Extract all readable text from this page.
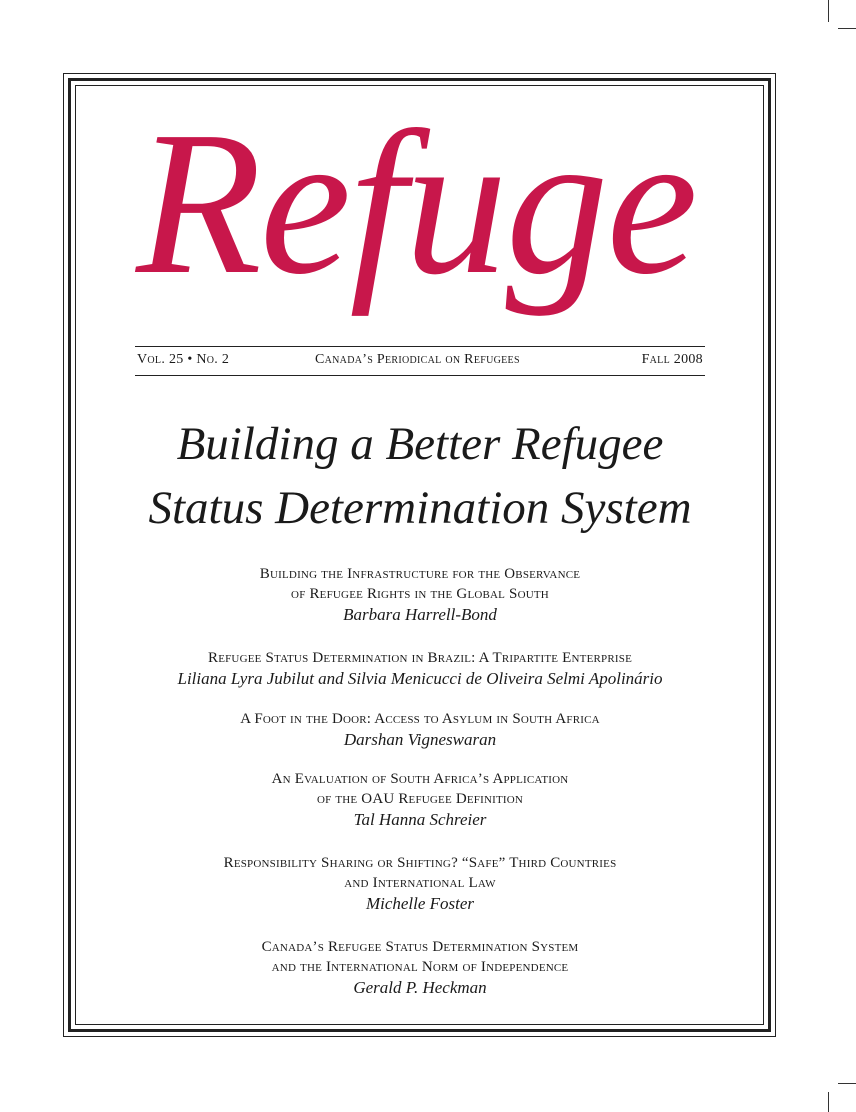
Refuge
Vol. 25 • No. 2	Canada’s Periodical on Refugees	Fall 2008
Building a Better Refugee
Status Determination System
Building the Infrastructure for the Observance
of Refugee Rights in the Global South
Barbara Harrell-Bond
Refugee Status Determination in Brazil: A Tripartite Enterprise
Liliana Lyra Jubilut and Silvia Menicucci de Oliveira Selmi Apolinário
A Foot in the Door: Access to Asylum in South Africa
Darshan Vigneswaran
An Evaluation of South Africa’s Application
of the OAU Refugee Definition
Tal Hanna Schreier
Responsibility Sharing or Shifting? “Safe” Third Countries
and International Law
Michelle Foster
Canada’s Refugee Status Determination System
and the International Norm of Independence
Gerald P. Heckman
